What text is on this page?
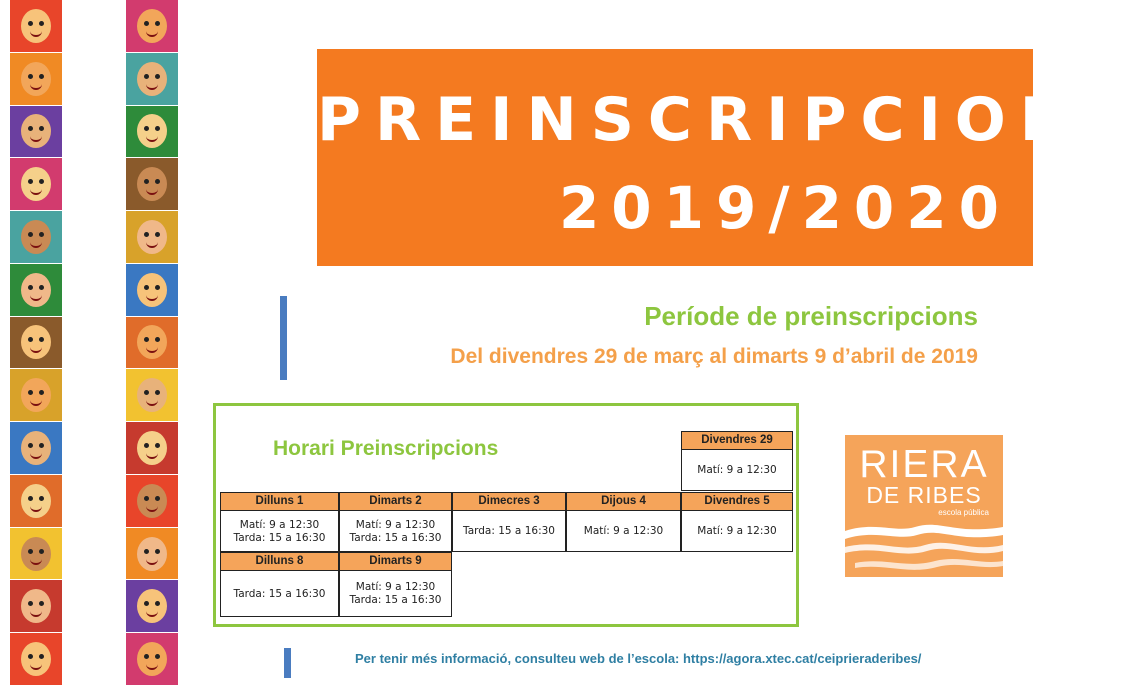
PREINSCRIPCIONS
2019/2020
Període de preinscripcions
Del divendres 29 de març al dimarts 9 d’abril de 2019
Horari Preinscripcions	Divendres 29
Matí: 9 a 12:30
Dilluns 1
Matí: 9 a 12:30
Tarda: 15 a 16:30
Dimarts 2
Matí: 9 a 12:30
Tarda: 15 a 16:30
Dimecres 3
Tarda: 15 a 16:30
Dijous 4
Matí: 9 a 12:30
Divendres 5
Matí: 9 a 12:30
Dilluns 8
Tarda: 15 a 16:30
Dimarts 9
Matí: 9 a 12:30
Tarda: 15 a 16:30
RIERA
DE RIBES
escola pública
Per tenir més informació, consulteu web de l’escola: https://agora.xtec.cat/ceiprieraderibes/
